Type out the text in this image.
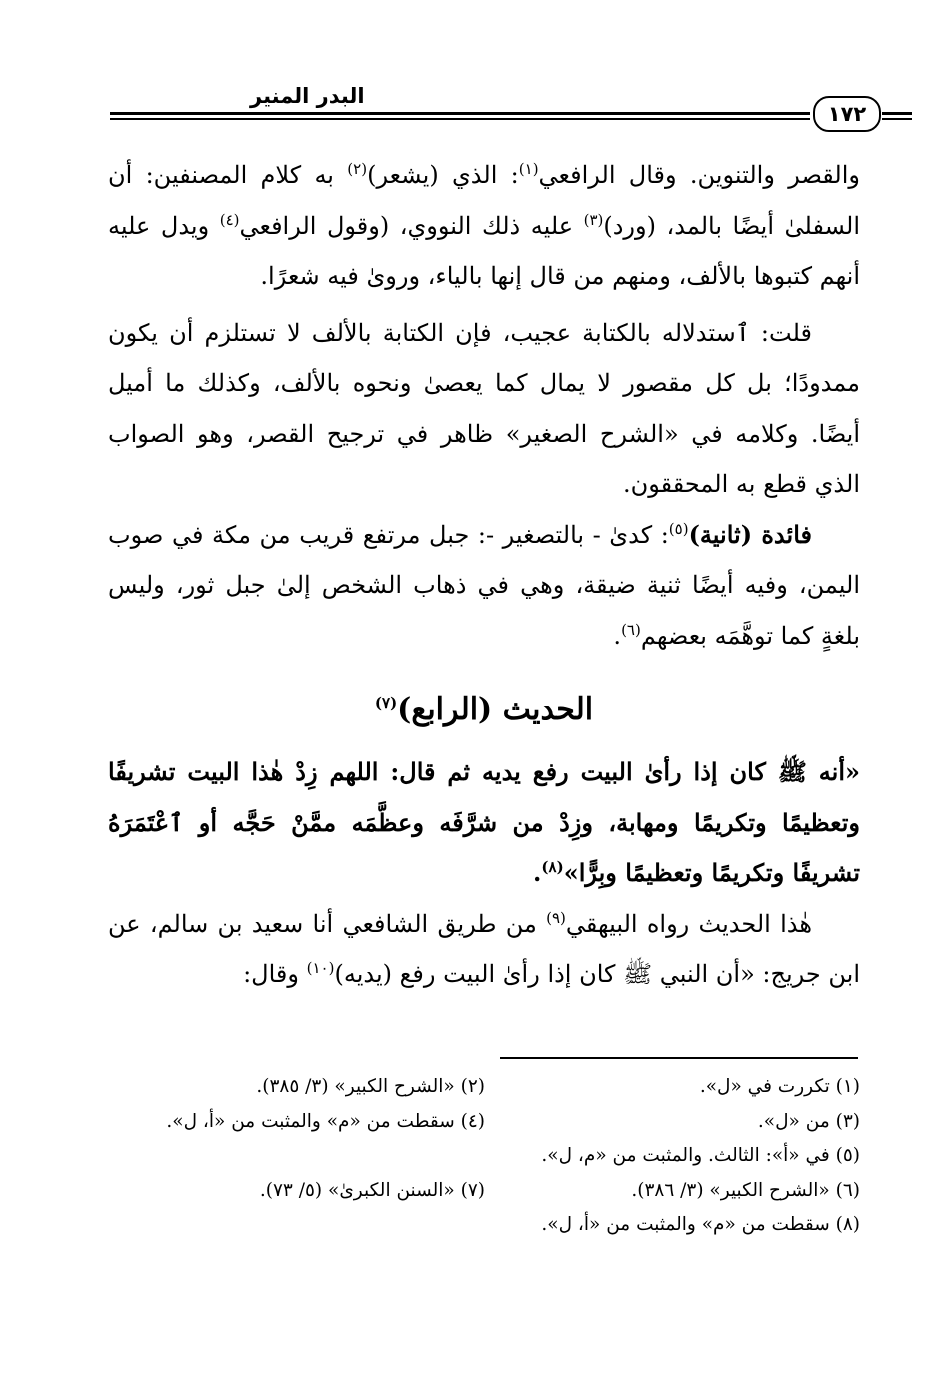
البدر المنير
١٧٢

والقصر والتنوين. وقال الرافعي$^{(١)}$: الذي (يشعر)$^{(٢)}$ به كلام المصنفين: أن السفلىٰ أيضًا بالمد، (ورد)$^{(٣)}$ عليه ذلك النووي، (وقول الرافعي$^{(٤)}$ ويدل عليه أنهم كتبوها بالألف، ومنهم من قال إنها بالياء، وروىٰ فيه شعرًا.

قلت: ٱستدلاله بالكتابة عجيب، فإن الكتابة بالألف لا تستلزم أن يكون ممدودًا؛ بل كل مقصور لا يمال كما يعصىٰ ونحوه بالألف، وكذلك ما أميل أيضًا. وكلامه في «الشرح الصغير» ظاهر في ترجيح القصر، وهو الصواب الذي قطع به المحققون.

فائدة (ثانية)$^{(٥)}$: كدىٰ - بالتصغير -: جبل مرتفع قريب من مكة في صوب اليمن، وفيه أيضًا ثنية ضيقة، وهي في ذهاب الشخص إلىٰ جبل ثور، وليس بلغةٍ كما توهَّمَه بعضهم$^{(٦)}$.

الحديث (الرابع)$^{(٧)}$

«أنه ﷺ كان إذا رأىٰ البيت رفع يديه ثم قال: اللهم زِدْ هٰذا البيت تشريفًا وتعظيمًا وتكريمًا ومهابة، وزِدْ من شرَّفَه وعظَّمَه ممَّنْ حَجَّه أو ٱعْتَمَرَهُ تشريفًا وتكريمًا وتعظيمًا وبِرًّا»$^{(٨)}$.

هٰذا الحديث رواه البيهقي$^{(٩)}$ من طريق الشافعي أنا سعيد بن سالم، عن ابن جريج: «أن النبي ﷺ كان إذا رأىٰ البيت رفع (يديه)$^{(١٠)}$ وقال:

(١) تكررت في «ل».
(٢) «الشرح الكبير» (٣/ ٣٨٥).
(٣) من «ل».
(٤) سقطت من «م» والمثبت من «أ، ل».
(٥) في «أ»: الثالث. والمثبت من «م، ل».
(٦) «الشرح الكبير» (٣/ ٣٨٦).
(٧) «السنن الكبرىٰ» (٥/ ٧٣).
(٨) سقطت من «م» والمثبت من «أ، ل».
